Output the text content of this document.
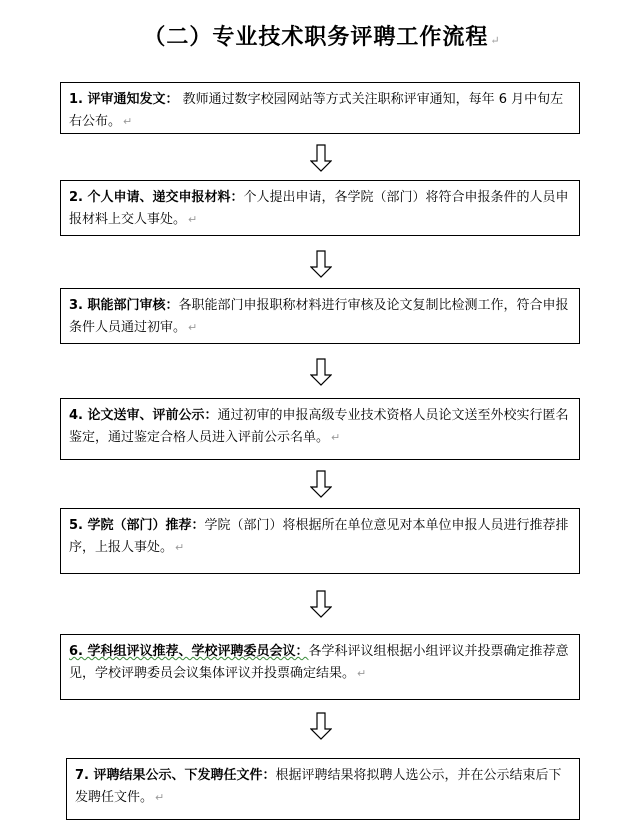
（二）专业技术职务评聘工作流程 ↵
1. 评审通知发文： 教师通过数字校园网站等方式关注职称评审通知，每年 6 月中旬左右公布。 ↵
2. 个人申请、递交申报材料：个人提出申请，各学院（部门）将符合申报条件的人员申报材料上交人事处。 ↵
3. 职能部门审核：各职能部门申报职称材料进行审核及论文复制比检测工作，符合申报条件人员通过初审。 ↵
4. 论文送审、评前公示：通过初审的申报高级专业技术资格人员论文送至外校实行匿名鉴定，通过鉴定合格人员进入评前公示名单。 ↵
5. 学院（部门）推荐：学院（部门）将根据所在单位意见对本单位申报人员进行推荐排序，上报人事处。 ↵
6. 学科组评议推荐、学校评聘委员会议：各学科评议组根据小组评议并投票确定推荐意见，学校评聘委员会议集体评议并投票确定结果。 ↵
7. 评聘结果公示、下发聘任文件：根据评聘结果将拟聘人选公示，并在公示结束后下发聘任文件。 ↵
